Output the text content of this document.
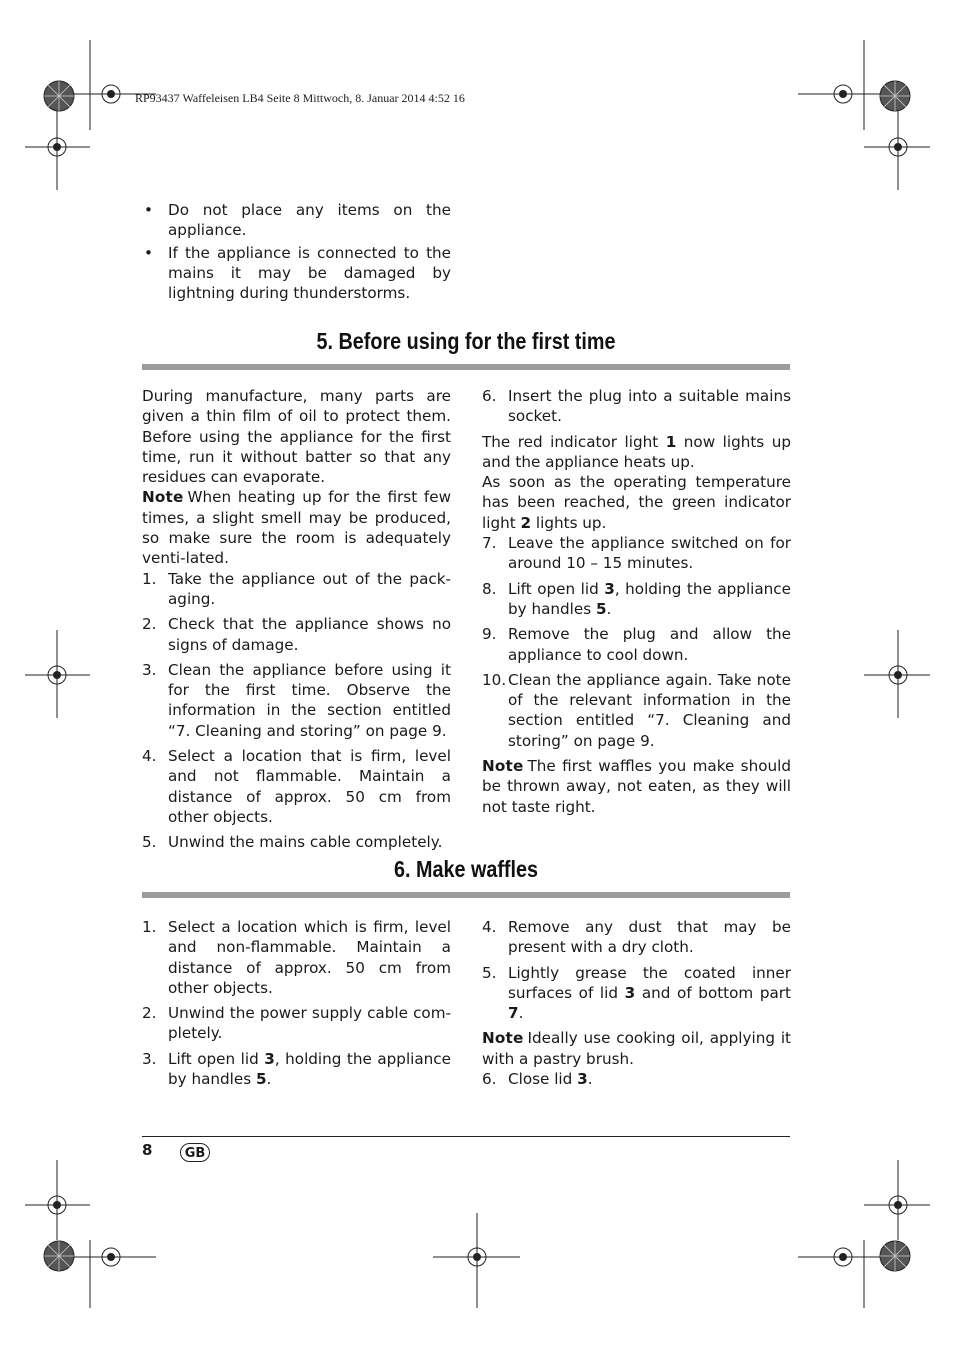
RP93437 Waffeleisen LB4 Seite 8 Mittwoch, 8. Januar 2014 4:52 16
• Do not place any items on the appliance.
• If the appliance is connected to the mains it may be damaged by lightning during thunderstorms.
5. Before using for the first time

During manufacture, many parts are given a thin film of oil to protect them. Before using the appliance for the first time, run it without batter so that any residues can evaporate.

Note When heating up for the first few times, a slight smell may be produced, so make sure the room is adequately venti-lated.

1. Take the appliance out of the pack-aging.
2. Check that the appliance shows no signs of damage.
3. Clean the appliance before using it for the first time. Observe the information in the section entitled “7. Cleaning and storing” on page 9.
4. Select a location that is firm, level and not flammable. Maintain a distance of approx. 50 cm from other objects.
5. Unwind the mains cable completely.
6. Insert the plug into a suitable mains socket.

The red indicator light 1 now lights up and the appliance heats up.

As soon as the operating temperature has been reached, the green indicator light 2 lights up.

7. Leave the appliance switched on for around 10 – 15 minutes.
8. Lift open lid 3, holding the appliance by handles 5.
9. Remove the plug and allow the appliance to cool down.
10. Clean the appliance again. Take note of the relevant information in the section entitled “7. Cleaning and storing” on page 9.

Note The first waffles you make should be thrown away, not eaten, as they will not taste right.

6. Make waffles
1. Select a location which is firm, level and non-flammable. Maintain a distance of approx. 50 cm from other objects.
2. Unwind the power supply cable com-pletely.
3. Lift open lid 3, holding the appliance by handles 5.
4. Remove any dust that may be present with a dry cloth.
5. Lightly grease the coated inner surfaces of lid 3 and of bottom part 7.

Note Ideally use cooking oil, applying it with a pastry brush.

6. Close lid 3.
8	GB
